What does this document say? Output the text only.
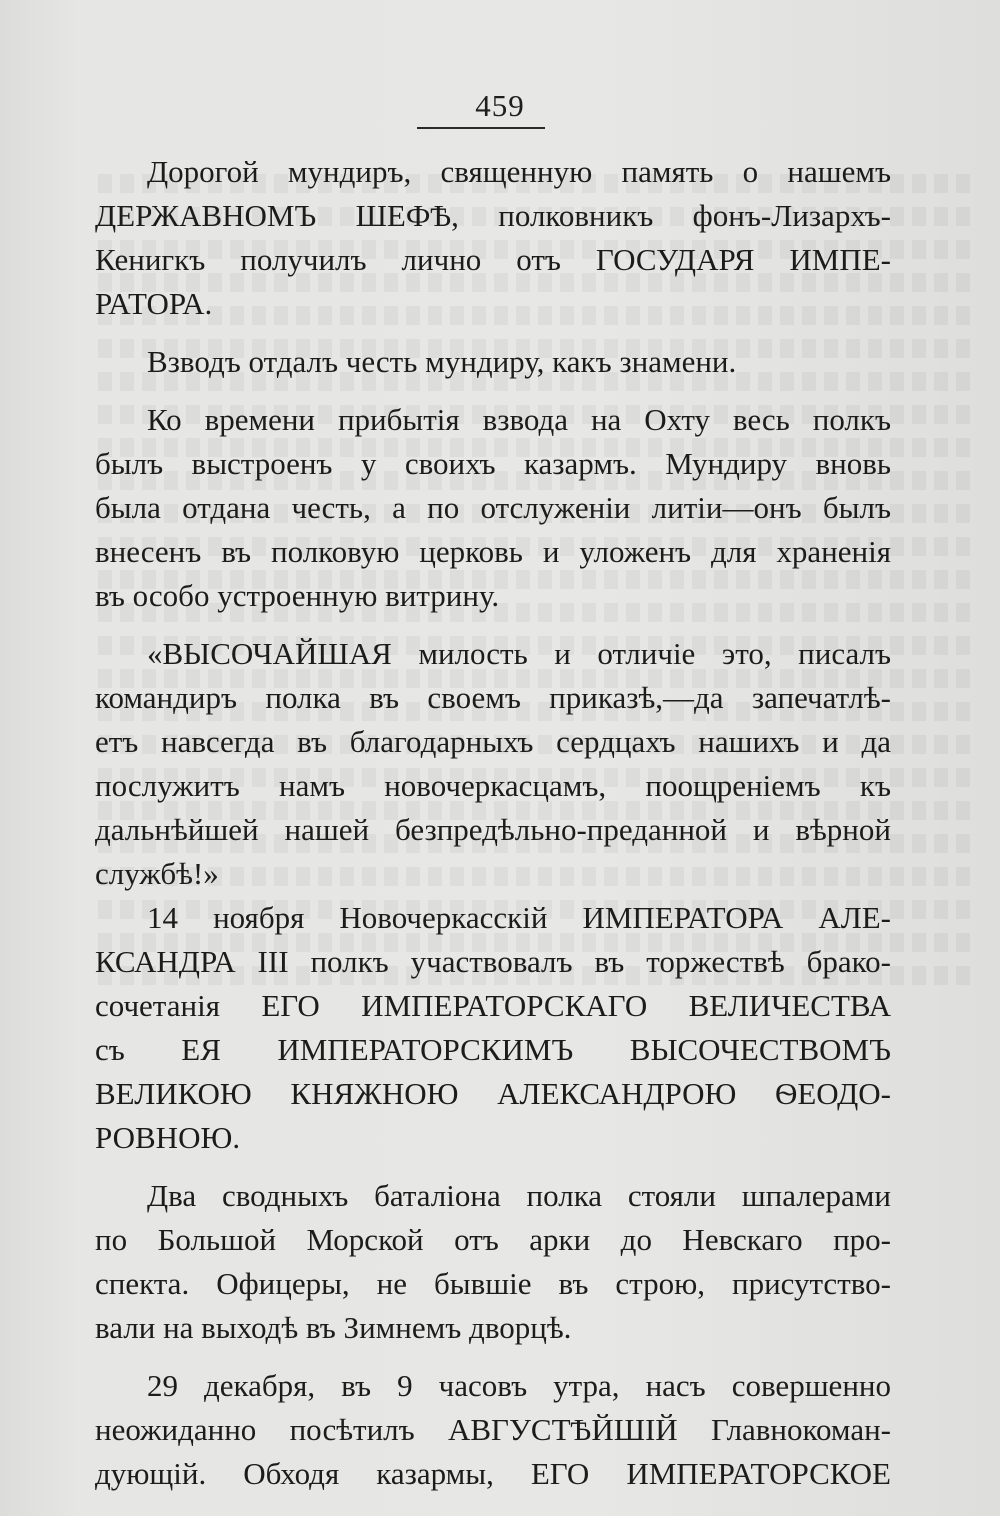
459
Дорогой мундиръ, священную память о нашемъ
ДЕРЖАВНОМЪ ШЕФѢ, полковникъ фонъ-Лизархъ-
Кенигкъ получилъ лично отъ ГОСУДАРЯ ИМПЕ-
РАТОРА.
Взводъ отдалъ честь мундиру, какъ знамени.
Ко времени прибытія взвода на Охту весь полкъ
былъ выстроенъ у своихъ казармъ. Мундиру вновь
была отдана честь, а по отслуженіи литіи—онъ былъ
внесенъ въ полковую церковь и уложенъ для храненія
въ особо устроенную витрину.
«ВЫСОЧАЙШАЯ милость и отличіе это, писалъ
командиръ полка въ своемъ приказѣ,—да запечатлѣ-
етъ навсегда въ благодарныхъ сердцахъ нашихъ и да
послужитъ намъ новочеркасцамъ, поощреніемъ къ
дальнѣйшей нашей безпредѣльно-преданной и вѣрной
службѣ!»
14 ноября Новочеркасскій ИМПЕРАТОРА АЛЕ-
КСАНДРА III полкъ участвовалъ въ торжествѣ брако-
сочетанія ЕГО ИМПЕРАТОРСКАГО ВЕЛИЧЕСТВА
съ ЕЯ ИМПЕРАТОРСКИМЪ ВЫСОЧЕСТВОМЪ
ВЕЛИКОЮ КНЯЖНОЮ АЛЕКСАНДРОЮ ѲЕОДО-
РОВНОЮ.
Два сводныхъ баталіона полка стояли шпалерами
по Большой Морской отъ арки до Невскаго про-
спекта. Офицеры, не бывшіе въ строю, присутство-
вали на выходѣ въ Зимнемъ дворцѣ.
29 декабря, въ 9 часовъ утра, насъ совершенно
неожиданно посѣтилъ АВГУСТѢЙШІЙ Главнокоман-
дующій. Обходя казармы, ЕГО ИМПЕРАТОРСКОЕ
